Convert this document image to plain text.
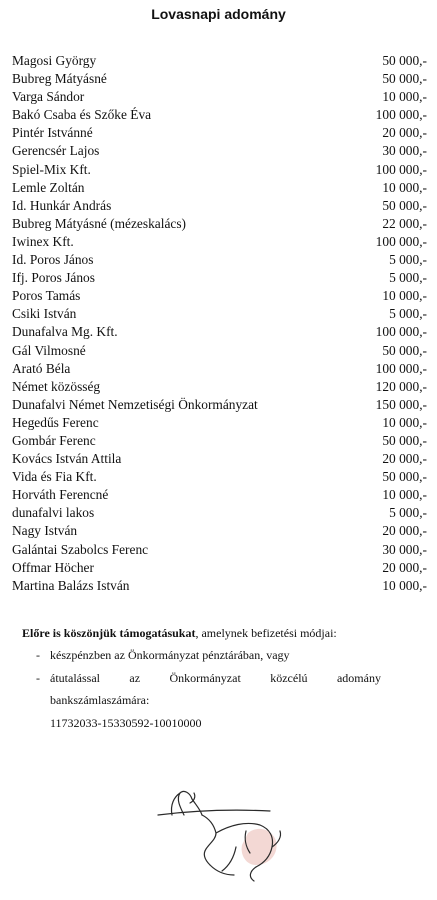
Lovasnapi adomány
Magosi György	50 000,-
Bubreg Mátyásné	50 000,-
Varga Sándor	10 000,-
Bakó Csaba és Szőke Éva	100 000,-
Pintér Istvánné	20 000,-
Gerencsér Lajos	30 000,-
Spiel-Mix Kft.	100 000,-
Lemle Zoltán	10 000,-
Id. Hunkár András	50 000,-
Bubreg Mátyásné (mézeskalács)	22 000,-
Iwinex Kft.	100 000,-
Id. Poros János	5 000,-
Ifj. Poros János	5 000,-
Poros Tamás	10 000,-
Csiki István	5 000,-
Dunafalva Mg. Kft.	100 000,-
Gál Vilmosné	50 000,-
Arató Béla	100 000,-
Német közösség	120 000,-
Dunafalvi Német Nemzetiségi Önkormányzat	150 000,-
Hegedűs Ferenc	10 000,-
Gombár Ferenc	50 000,-
Kovács István Attila	20 000,-
Vida és Fia Kft.	50 000,-
Horváth Ferencné	10 000,-
dunafalvi lakos	5 000,-
Nagy István	20 000,-
Galántai Szabolcs Ferenc	30 000,-
Offmar Höcher	20 000,-
Martina Balázs István	10 000,-
Előre is köszönjük támogatásukat, amelynek befizetési módjai:
- készpénzben az Önkormányzat pénztárában, vagy
- átutalással az Önkormányzat közcélú adomány
bankszámlaszámára:
11732033-15330592-10010000
